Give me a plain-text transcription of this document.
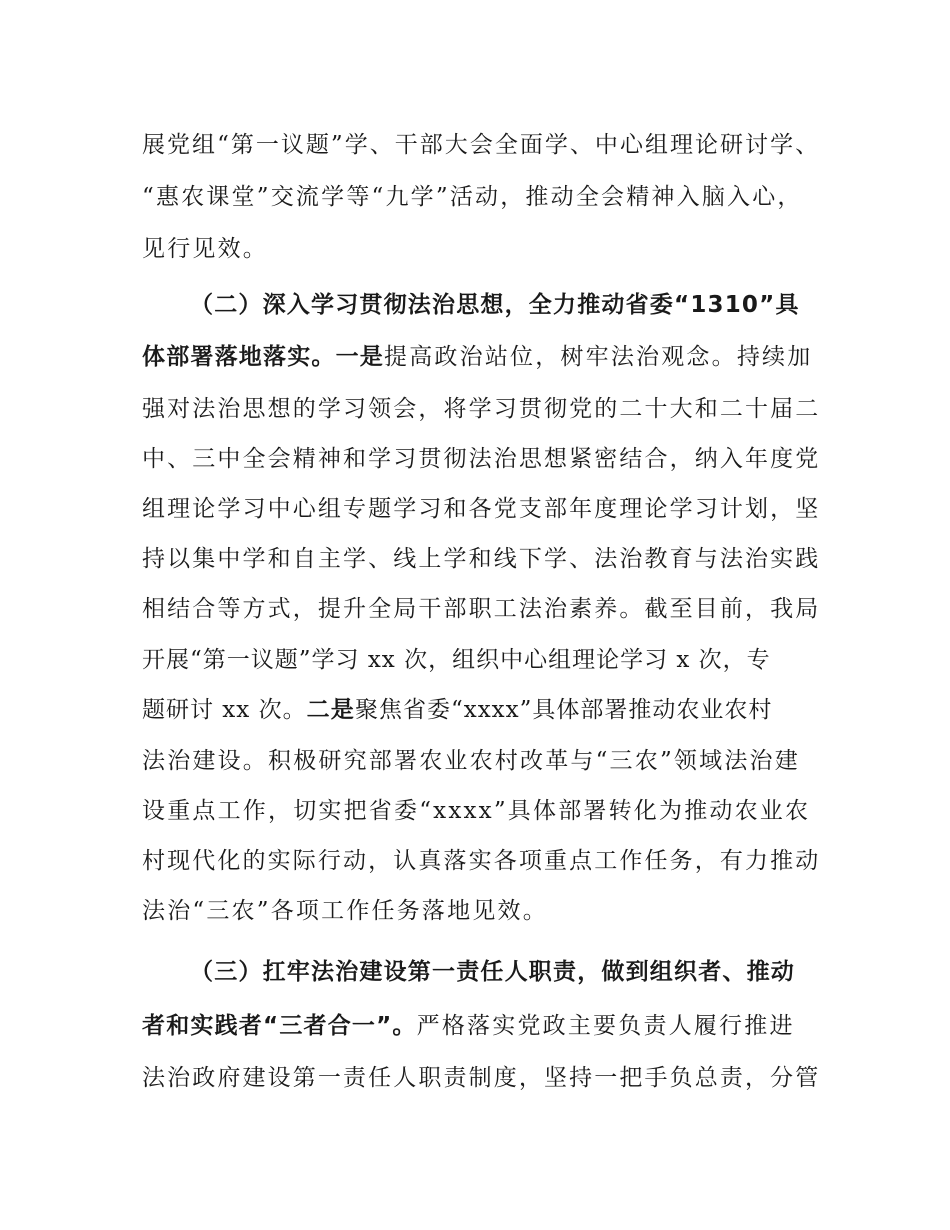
展党组“第一议题”学、干部大会全面学、中心组理论研讨学、
“惠农课堂”交流学等“九学”活动，推动全会精神入脑入心，
见行见效。
（二）深入学习贯彻法治思想，全力推动省委“1310”具
体部署落地落实。一是提高政治站位，树牢法治观念。持续加
强对法治思想的学习领会，将学习贯彻党的二十大和二十届二
中、三中全会精神和学习贯彻法治思想紧密结合，纳入年度党
组理论学习中心组专题学习和各党支部年度理论学习计划，坚
持以集中学和自主学、线上学和线下学、法治教育与法治实践
相结合等方式，提升全局干部职工法治素养。截至目前，我局
开展“第一议题”学习 xx 次，组织中心组理论学习 x 次，专
题研讨 xx 次。二是聚焦省委“xxxx”具体部署推动农业农村
法治建设。积极研究部署农业农村改革与“三农”领域法治建
设重点工作，切实把省委“xxxx”具体部署转化为推动农业农
村现代化的实际行动，认真落实各项重点工作任务，有力推动
法治“三农”各项工作任务落地见效。
（三）扛牢法治建设第一责任人职责，做到组织者、推动
者和实践者“三者合一”。严格落实党政主要负责人履行推进
法治政府建设第一责任人职责制度，坚持一把手负总责，分管
